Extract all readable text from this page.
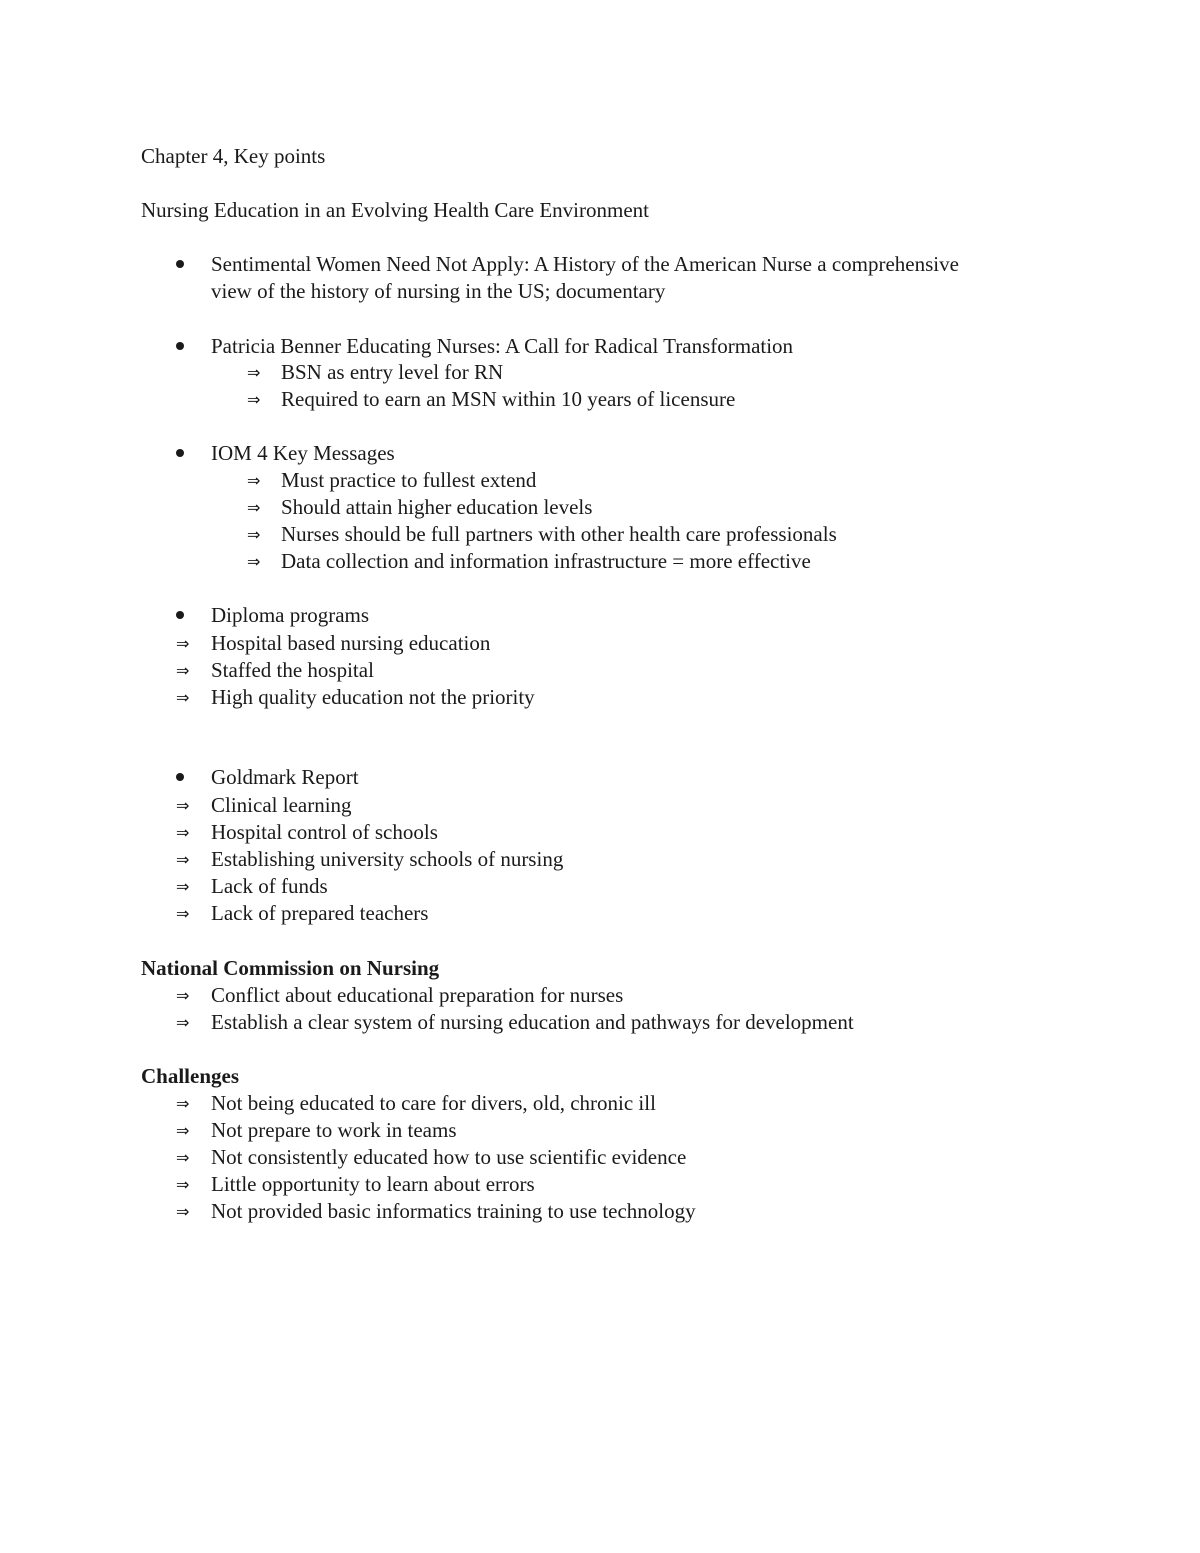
Chapter 4, Key points
Nursing Education in an Evolving Health Care Environment
Sentimental Women Need Not Apply: A History of the American Nurse a comprehensive
view of the history of nursing in the US; documentary
Patricia Benner Educating Nurses: A Call for Radical Transformation
⇒ BSN as entry level for RN
⇒ Required to earn an MSN within 10 years of licensure
IOM 4 Key Messages
⇒ Must practice to fullest extend
⇒ Should attain higher education levels
⇒ Nurses should be full partners with other health care professionals
⇒ Data collection and information infrastructure = more effective
Diploma programs
⇒ Hospital based nursing education
⇒ Staffed the hospital
⇒ High quality education not the priority
Goldmark Report
⇒ Clinical learning
⇒ Hospital control of schools
⇒ Establishing university schools of nursing
⇒ Lack of funds
⇒ Lack of prepared teachers
National Commission on Nursing
⇒ Conflict about educational preparation for nurses
⇒ Establish a clear system of nursing education and pathways for development
Challenges
⇒ Not being educated to care for divers, old, chronic ill
⇒ Not prepare to work in teams
⇒ Not consistently educated how to use scientific evidence
⇒ Little opportunity to learn about errors
⇒ Not provided basic informatics training to use technology
